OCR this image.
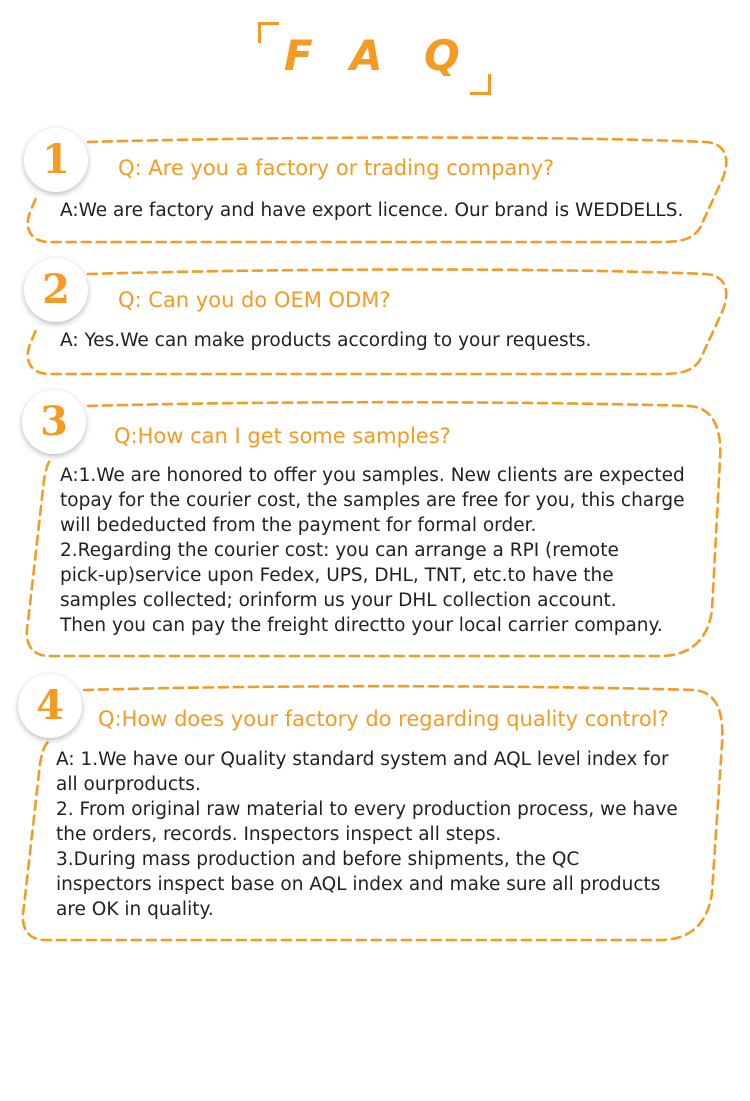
F A Q
1 Q: Are you a factory or trading company?
A:We are factory and have export licence. Our brand is WEDDELLS.
2 Q: Can you do OEM ODM?
A: Yes.We can make products according to your requests.
3 Q:How can I get some samples?
A:1.We are honored to offer you samples. New clients are expected
topay for the courier cost, the samples are free for you, this charge
will bededucted from the payment for formal order.
2.Regarding the courier cost: you can arrange a RPI (remote
pick-up)service upon Fedex, UPS, DHL, TNT, etc.to have the
samples collected; orinform us your DHL collection account.
Then you can pay the freight directto your local carrier company.
4 Q:How does your factory do regarding quality control?
A: 1.We have our Quality standard system and AQL level index for
all ourproducts.
2. From original raw material to every production process, we have
the orders, records. Inspectors inspect all steps.
3.During mass production and before shipments, the QC
inspectors inspect base on AQL index and make sure all products
are OK in quality.
